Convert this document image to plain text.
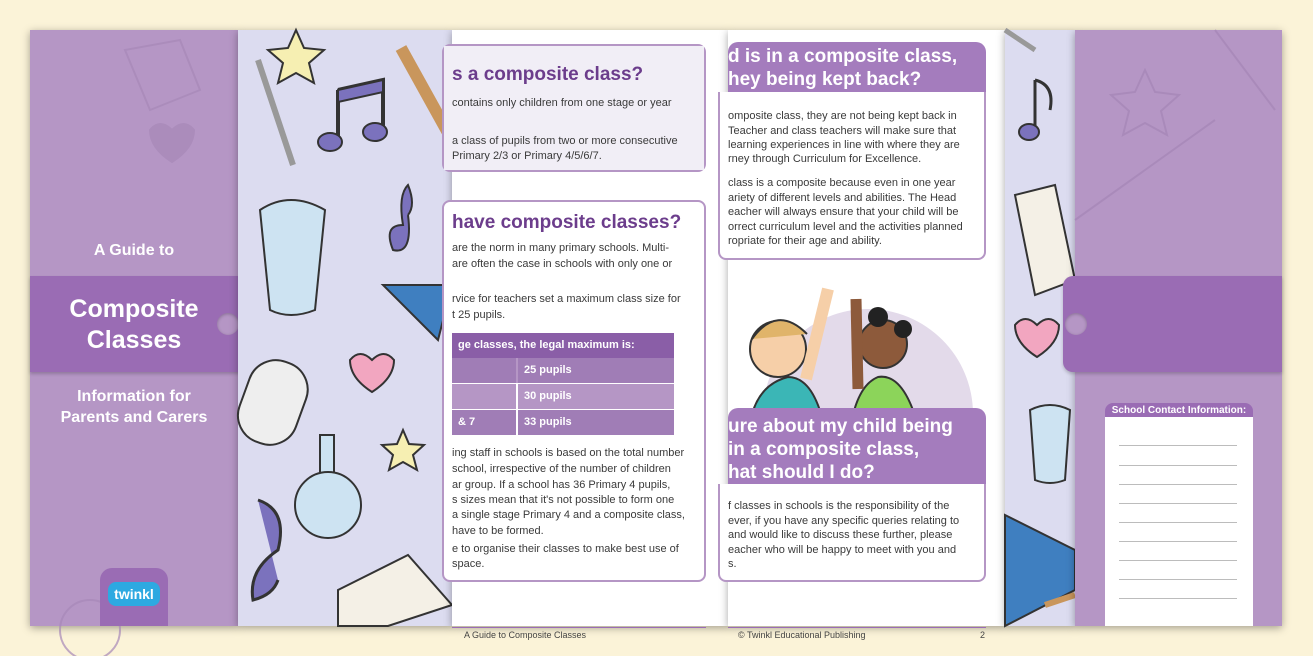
A Guide to
Composite
Classes
Information for
Parents and Carers
twinkl
s a composite class?
contains only children from one stage or year
a class of pupils from two or more consecutive
Primary 2/3 or Primary 4/5/6/7.
have composite classes?
are the norm in many primary schools. Multi-
are often the case in schools with only one or
rvice for teachers set a maximum class size for
t 25 pupils.
ge classes, the legal maximum is:
25 pupils
30 pupils
& 7	33 pupils
ing staff in schools is based on the total number
school, irrespective of the number of children
ar group. If a school has 36 Primary 4 pupils,
s sizes mean that it's not possible to form one
a single stage Primary 4 and a composite class,
have to be formed.
e to organise their classes to make best use of
space.
A Guide to Composite Classes
d is in a composite class,
hey being kept back?
omposite class, they are not being kept back in
Teacher and class teachers will make sure that
learning experiences in line with where they are
rney through Curriculum for Excellence.
class is a composite because even in one year
ariety of different levels and abilities. The Head
eacher will always ensure that your child will be
orrect curriculum level and the activities planned
ropriate for their age and ability.
ure about my child being
in a composite class,
hat should I do?
f classes in schools is the responsibility of the
ever, if you have any specific queries relating to
and would like to discuss these further, please
eacher who will be happy to meet with you and
s.
© Twinkl Educational Publishing	2
School Contact Information:
